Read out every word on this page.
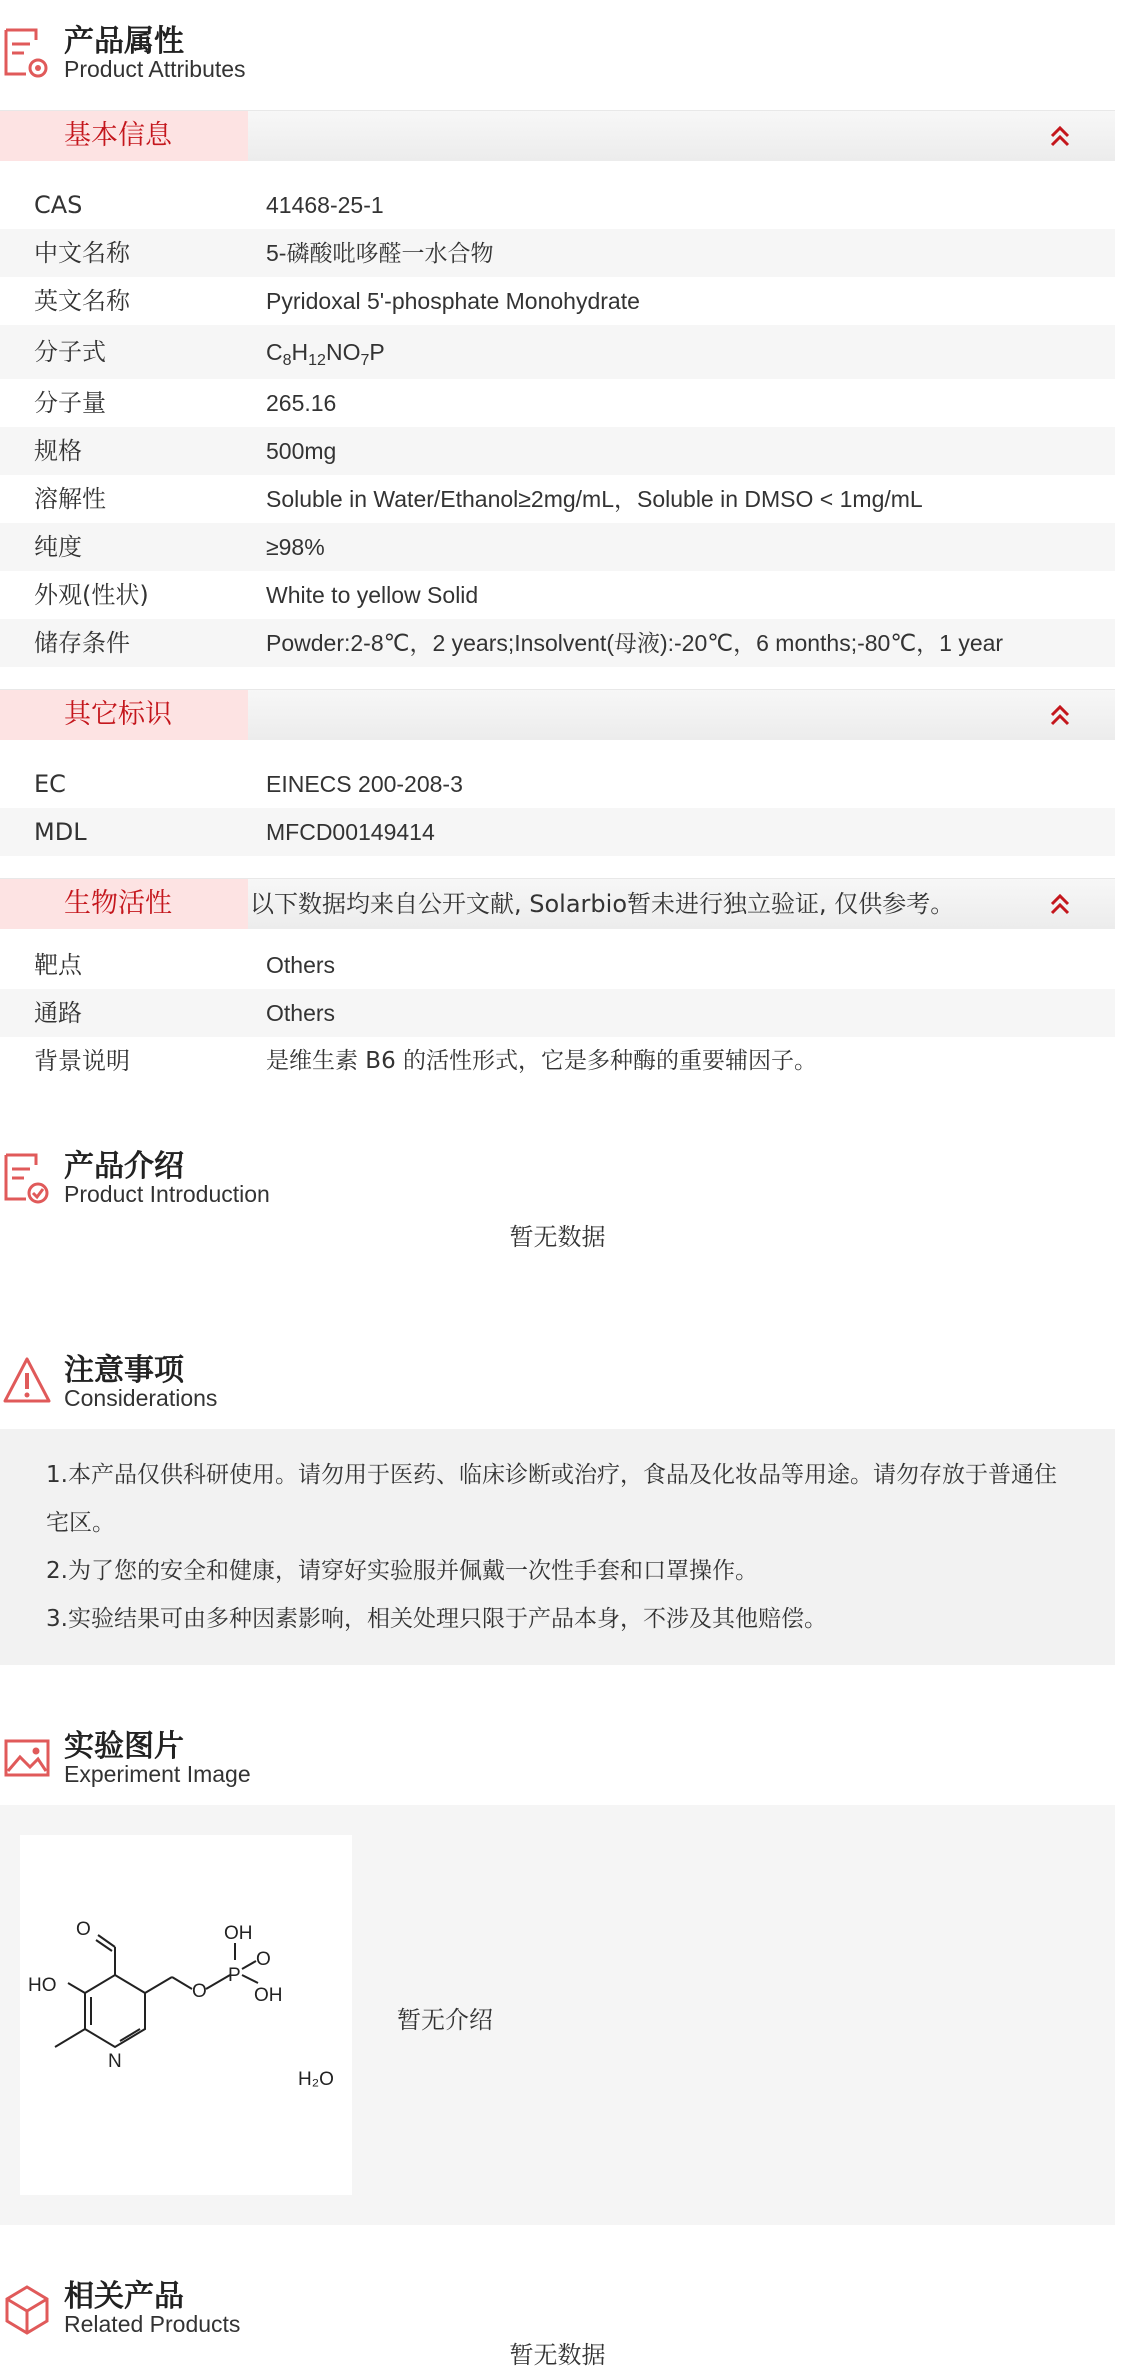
产品属性
Product Attributes
基本信息
CAS	41468-25-1
中文名称	5-磷酸吡哆醛一水合物
英文名称	Pyridoxal 5'-phosphate Monohydrate
分子式	$C_8H_{12}NO_7P$
分子量	265.16
规格	500mg
溶解性	Soluble in Water/Ethanol≥2mg/mL，Soluble in DMSO < 1mg/mL
纯度	≥98%
外观(性状)	White to yellow Solid
储存条件	Powder:2-8℃，2 years;Insolvent(母液):-20℃，6 months;-80℃，1 year
其它标识
EC	EINECS 200-208-3
MDL	MFCD00149414
生物活性	以下数据均来自公开文献, Solarbio暂未进行独立验证, 仅供参考。
靶点	Others
通路	Others
背景说明	是维生素 B6 的活性形式，它是多种酶的重要辅因子。
产品介绍
Product Introduction
暂无数据
注意事项
Considerations
1.本产品仅供科研使用。请勿用于医药、临床诊断或治疗，食品及化妆品等用途。请勿存放于普通住宅区。
2.为了您的安全和健康，请穿好实验服并佩戴一次性手套和口罩操作。
3.实验结果可由多种因素影响，相关处理只限于产品本身，不涉及其他赔偿。
实验图片
Experiment Image
O
HO
N
O
P
OH
O
OH
H₂O
暂无介绍
相关产品
Related Products
暂无数据
